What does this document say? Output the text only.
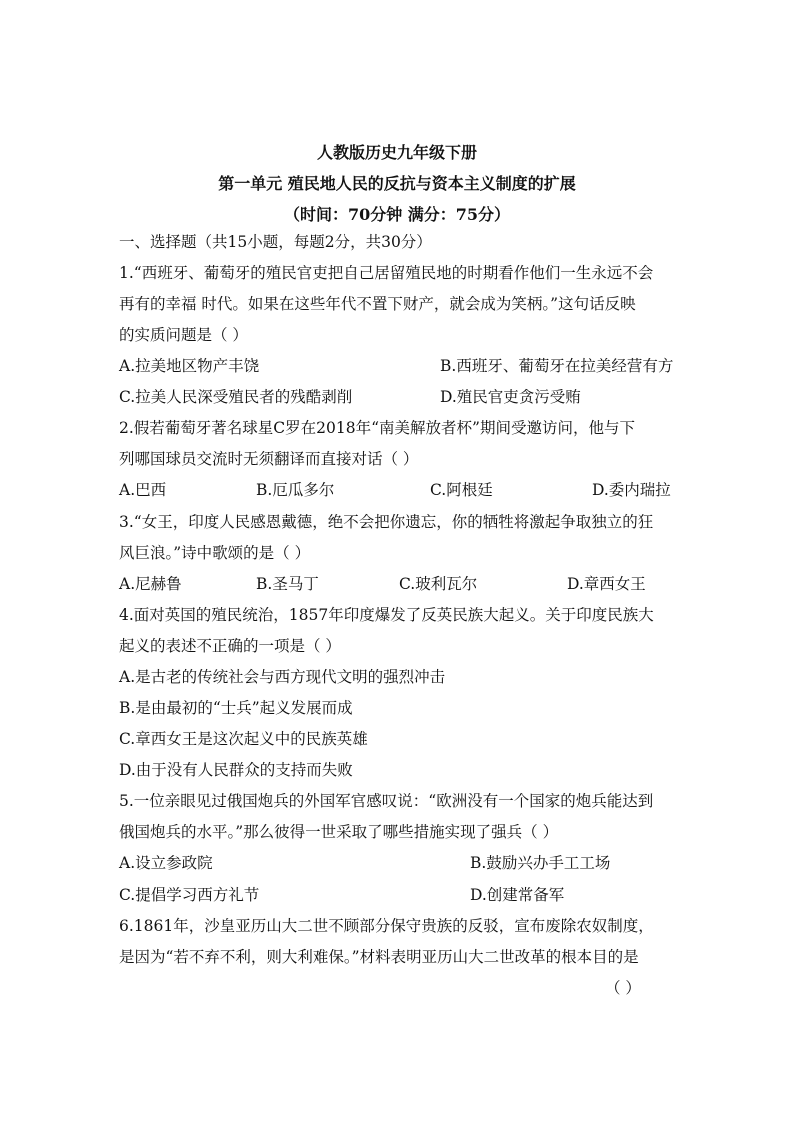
人教版历史九年级下册
第一单元 殖民地人民的反抗与资本主义制度的扩展
（时间：70分钟 满分：75分）
一、选择题（共15小题，每题2分，共30分）
1.“西班牙、葡萄牙的殖民官吏把自己居留殖民地的时期看作他们一生永远不会
再有的幸福 时代。如果在这些年代不置下财产，就会成为笑柄。”这句话反映
的实质问题是（ ）
A.拉美地区物产丰饶	B.西班牙、葡萄牙在拉美经营有方
C.拉美人民深受殖民者的残酷剥削	D.殖民官吏贪污受贿
2.假若葡萄牙著名球星C罗在2018年“南美解放者杯”期间受邀访问，他与下
列哪国球员交流时无须翻译而直接对话（ ）
A.巴西	B.厄瓜多尔	C.阿根廷	D.委内瑞拉
3.“女王，印度人民感恩戴德，绝不会把你遗忘，你的牺牲将激起争取独立的狂
风巨浪。”诗中歌颂的是（ ）
A.尼赫鲁	B.圣马丁	C.玻利瓦尔	D.章西女王
4.面对英国的殖民统治，1857年印度爆发了反英民族大起义。关于印度民族大
起义的表述不正确的一项是（ ）
A.是古老的传统社会与西方现代文明的强烈冲击
B.是由最初的“士兵”起义发展而成
C.章西女王是这次起义中的民族英雄
D.由于没有人民群众的支持而失败
5.一位亲眼见过俄国炮兵的外国军官感叹说：“欧洲没有一个国家的炮兵能达到
俄国炮兵的水平。”那么彼得一世采取了哪些措施实现了强兵（ ）
A.设立参政院	B.鼓励兴办手工工场
C.提倡学习西方礼节	D.创建常备军
6.1861年，沙皇亚历山大二世不顾部分保守贵族的反驳，宣布废除农奴制度，
是因为“若不弃不利，则大利难保。”材料表明亚历山大二世改革的根本目的是
（ ）
